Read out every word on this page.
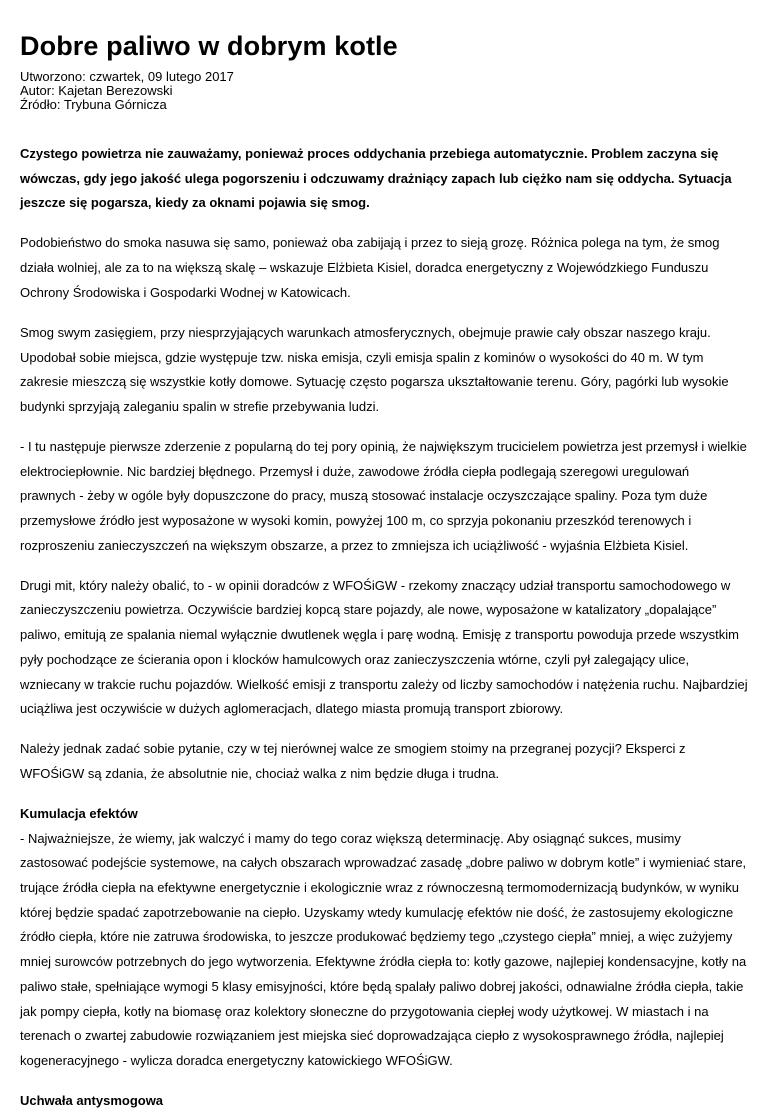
Dobre paliwo w dobrym kotle
Utworzono: czwartek, 09 lutego 2017
Autor: Kajetan Berezowski
Źródło: Trybuna Górnicza

Czystego powietrza nie zauważamy, ponieważ proces oddychania przebiega automatycznie. Problem zaczyna się wówczas, gdy jego jakość ulega pogorszeniu i odczuwamy drażniący zapach lub ciężko nam się oddycha. Sytuacja jeszcze się pogarsza, kiedy za oknami pojawia się smog.

Podobieństwo do smoka nasuwa się samo, ponieważ oba zabijają i przez to sieją grozę. Różnica polega na tym, że smog działa wolniej, ale za to na większą skalę – wskazuje Elżbieta Kisiel, doradca energetyczny z Wojewódzkiego Funduszu Ochrony Środowiska i Gospodarki Wodnej w Katowicach.

Smog swym zasięgiem, przy niesprzyjających warunkach atmosferycznych, obejmuje prawie cały obszar naszego kraju. Upodobał sobie miejsca, gdzie występuje tzw. niska emisja, czyli emisja spalin z kominów o wysokości do 40 m. W tym zakresie mieszczą się wszystkie kotły domowe. Sytuację często pogarsza ukształtowanie terenu. Góry, pagórki lub wysokie budynki sprzyjają zaleganiu spalin w strefie przebywania ludzi.

- I tu następuje pierwsze zderzenie z popularną do tej pory opinią, że największym trucicielem powietrza jest przemysł i wielkie elektrociepłownie. Nic bardziej błędnego. Przemysł i duże, zawodowe źródła ciepła podlegają szeregowi uregulowań prawnych - żeby w ogóle były dopuszczone do pracy, muszą stosować instalacje oczyszczające spaliny. Poza tym duże przemysłowe źródło jest wyposażone w wysoki komin, powyżej 100 m, co sprzyja pokonaniu przeszkód terenowych i rozproszeniu zanieczyszczeń na większym obszarze, a przez to zmniejsza ich uciążliwość - wyjaśnia Elżbieta Kisiel.

Drugi mit, który należy obalić, to - w opinii doradców z WFOŚiGW - rzekomy znaczący udział transportu samochodowego w zanieczyszczeniu powietrza. Oczywiście bardziej kopcą stare pojazdy, ale nowe, wyposażone w katalizatory „dopalające” paliwo, emitują ze spalania niemal wyłącznie dwutlenek węgla i parę wodną. Emisję z transportu powoduja przede wszystkim pyły pochodzące ze ścierania opon i klocków hamulcowych oraz zanieczyszczenia wtórne, czyli pył zalegający ulice, wzniecany w trakcie ruchu pojazdów. Wielkość emisji z transportu zależy od liczby samochodów i natężenia ruchu. Najbardziej uciążliwa jest oczywiście w dużych aglomeracjach, dlatego miasta promują transport zbiorowy.

Należy jednak zadać sobie pytanie, czy w tej nierównej walce ze smogiem stoimy na przegranej pozycji? Eksperci z WFOŚiGW są zdania, że absolutnie nie, chociaż walka z nim będzie długa i trudna.

Kumulacja efektów

- Najważniejsze, że wiemy, jak walczyć i mamy do tego coraz większą determinację. Aby osiągnąć sukces, musimy zastosować podejście systemowe, na całych obszarach wprowadzać zasadę „dobre paliwo w dobrym kotle” i wymieniać stare, trujące źródła ciepła na efektywne energetycznie i ekologicznie wraz z równoczesną termomodernizacją budynków, w wyniku której będzie spadać zapotrzebowanie na ciepło. Uzyskamy wtedy kumulację efektów nie dość, że zastosujemy ekologiczne źródło ciepła, które nie zatruwa środowiska, to jeszcze produkować będziemy tego „czystego ciepła” mniej, a więc zużyjemy mniej surowców potrzebnych do jego wytworzenia. Efektywne źródła ciepła to: kotły gazowe, najlepiej kondensacyjne, kotły na paliwo stałe, spełniające wymogi 5 klasy emisyjności, które będą spalały paliwo dobrej jakości, odnawialne źródła ciepła, takie jak pompy ciepła, kotły na biomasę oraz kolektory słoneczne do przygotowania ciepłej wody użytkowej. W miastach i na terenach o zwartej zabudowie rozwiązaniem jest miejska sieć doprowadzająca ciepło z wysokosprawnego źródła, najlepiej kogeneracyjnego - wylicza doradca energetyczny katowickiego WFOŚiGW.

Uchwała antysmogowa
